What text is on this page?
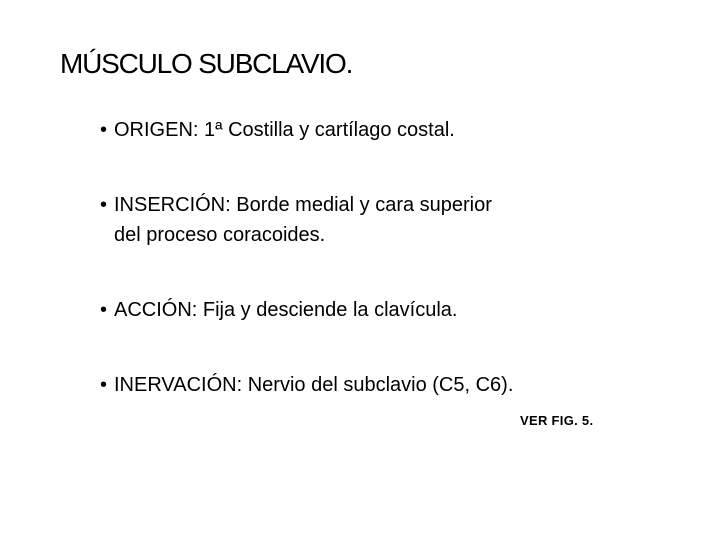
MÚSCULO SUBCLAVIO.
• ORIGEN: 1ª Costilla y cartílago costal.
• INSERCIÓN: Borde medial y cara superior
del proceso coracoides.
• ACCIÓN: Fija y desciende la clavícula.
• INERVACIÓN: Nervio del subclavio (C5, C6).
VER FIG. 5.
